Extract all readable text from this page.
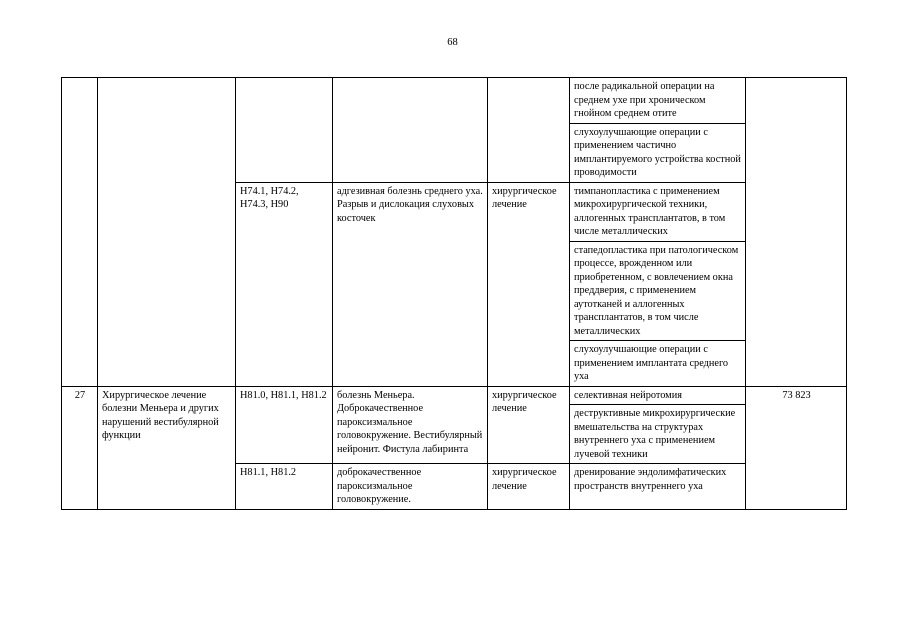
68
					после радикальной операции на среднем ухе при хроническом гнойном среднем отите	
					слухоулучшающие операции с применением частично имплантируемого устройства костной проводимости	
		H74.1, H74.2, H74.3, H90	адгезивная болезнь среднего уха. Разрыв и дислокация слуховых косточек	хирургическое лечение	тимпанопластика с применением микрохирургической техники, аллогенных трансплантатов, в том числе металлических	
					стапедопластика при патологическом процессе, врожденном или приобретенном, с вовлечением окна преддверия, с применением аутотканей и аллогенных трансплантатов, в том числе металлических	
					слухоулучшающие операции с применением имплантата среднего уха	
27	Хирургическое лечение болезни Меньера и других нарушений вестибулярной функции	H81.0, H81.1, H81.2	болезнь Меньера. Доброкачественное пароксизмальное головокружение. Вестибулярный нейронит. Фистула лабиринта	хирургическое лечение	селективная нейротомия	73 823
					деструктивные микрохирургические вмешательства на структурах внутреннего уха с применением лучевой техники	
		H81.1, H81.2	доброкачественное пароксизмальное головокружение.	хирургическое лечение	дренирование эндолимфатических пространств внутреннего уха	
